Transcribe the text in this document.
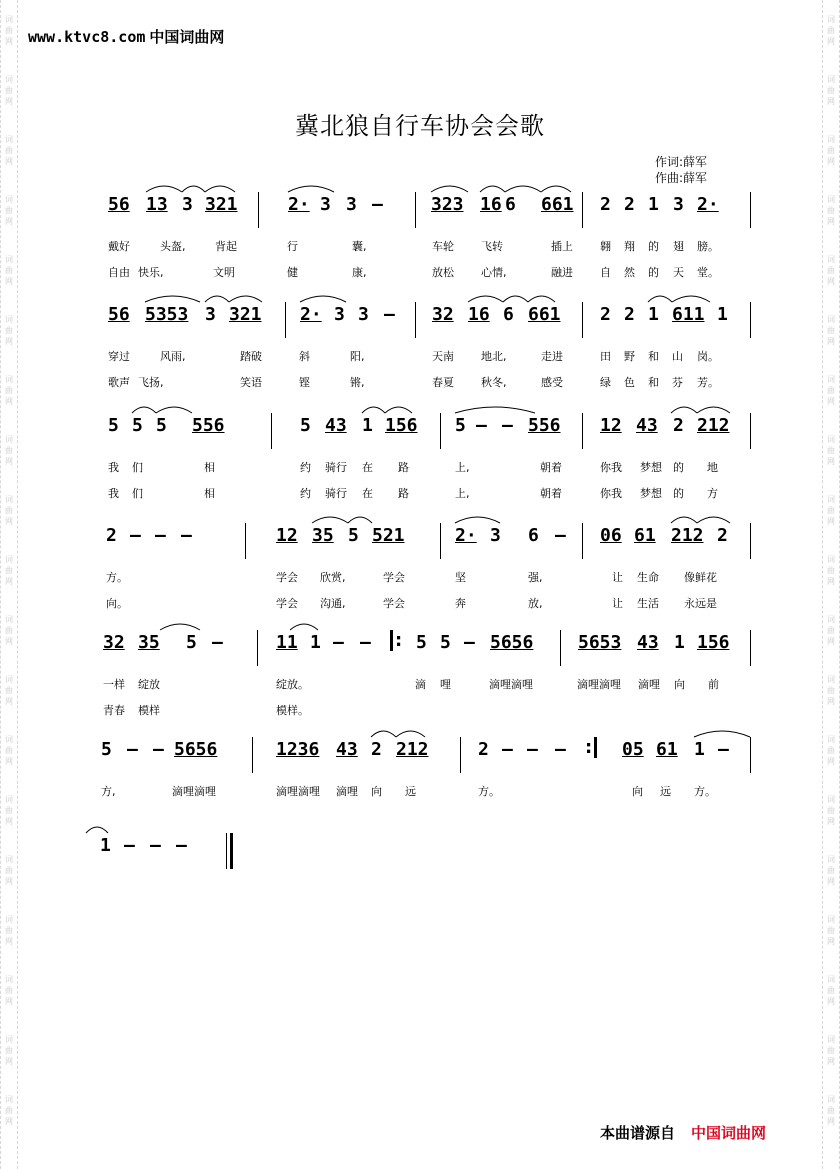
词
曲
网
词
曲
网
词
曲
网
词
曲
网
词
曲
网
词
曲
网
词
曲
网
词
曲
网
词
曲
网
词
曲
网
词
曲
网
词
曲
网
词
曲
网
词
曲
网
词
曲
网
词
曲
网
词
曲
网
词
曲
网
词
曲
网
词
曲
网
词
曲
网
词
曲
网
词
曲
网
词
曲
网
词
曲
网
词
曲
网
词
曲
网
词
曲
网
词
曲
网
词
曲
网
词
曲
网
词
曲
网
词
曲
网
词
曲
网
词
曲
网
词
曲
网
词
曲
网
词
曲
网
www.ktvc8.com 中国词曲网
冀北狼自行车协会会歌
作词:薛军
作曲:薛军
56 13 3 321	2· 3 3 –	323 16 6 661 2 2 1 3 2·
戴好	头盔,	背起	行	囊,	车轮 飞转	插上 翱 翔 的 翅 膀。
自由 快乐,	文明	健	康,	放松 心情,	融进 自 然 的 天 堂。
56 5353 3 321 2· 3 3 – 32 16 6 661 2 2 1 611 1
穿过	风雨,	踏破	斜	阳,	天南 地北,	走进	田 野 和 山 岗。
歌声 飞扬,	笑语	铿	锵,	春夏 秋冬,	感受	绿 色 和 芬 芳。
5 5 5 556	5 43 1 156 5 – – 556 12 43 2 212
我 们	相	约 骑行 在 路	上,	朝着	你我 梦想 的 地
我 们	相	约 骑行 在 路	上,	朝着	你我 梦想 的 方
2 – – –	12 35 5 521	2· 3 6 – 06 61 212 2
方。	学会 欣赏,	学会	坚	强,	让 生命 像鲜花
向。	学会 沟通,	学会	奔	放,	让 生活 永远是
32 35 5 –	11 1 – –	5 5 – 5656 5653 43 1 156
一样 绽放	绽放。	滴 哩	滴哩滴哩	滴哩滴哩 滴哩 向 前
青春 模样	模样。
5 – – 5656	1236 43 2 212	2 – – –	05 61 1 –
方,	滴哩滴哩	滴哩滴哩 滴哩 向 远	方。	向 远 方。
1 – – –
:
:
本曲谱源自 中国词曲网
